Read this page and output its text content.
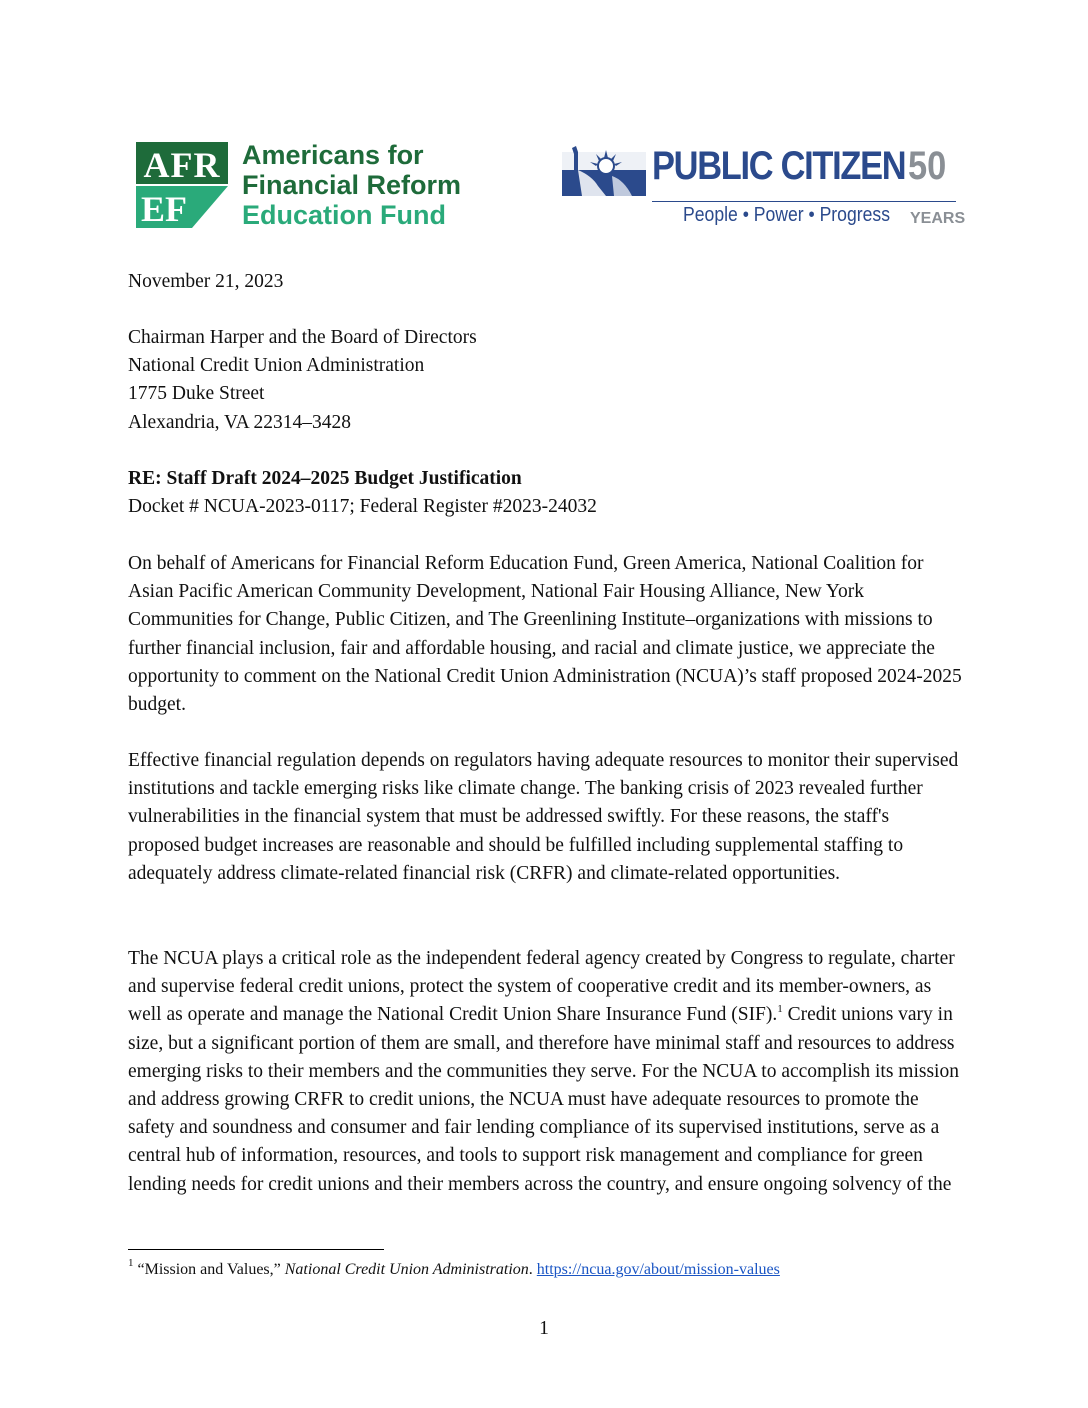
AFR
EF
Americans for
Financial Reform
Education Fund
PUBLIC CITIZEN 50
People • Power • Progress YEARS

November 21, 2023

Chairman Harper and the Board of Directors
National Credit Union Administration
1775 Duke Street
Alexandria, VA 22314–3428
RE: Staff Draft 2024–2025 Budget Justification
Docket # NCUA-2023-0117; Federal Register #2023-24032

On behalf of Americans for Financial Reform Education Fund, Green America, National Coalition for Asian Pacific American Community Development, National Fair Housing Alliance, New York Communities for Change, Public Citizen, and The Greenlining Institute–organizations with missions to further financial inclusion, fair and affordable housing, and racial and climate justice, we appreciate the opportunity to comment on the National Credit Union Administration (NCUA)’s staff proposed 2024-2025 budget.

Effective financial regulation depends on regulators having adequate resources to monitor their supervised institutions and tackle emerging risks like climate change. The banking crisis of 2023 revealed further vulnerabilities in the financial system that must be addressed swiftly. For these reasons, the staff's proposed budget increases are reasonable and should be fulfilled including supplemental staffing to adequately address climate-related financial risk (CRFR) and climate-related opportunities.

The NCUA plays a critical role as the independent federal agency created by Congress to regulate, charter and supervise federal credit unions, protect the system of cooperative credit and its member-owners, as well as operate and manage the National Credit Union Share Insurance Fund (SIF).$^1$ Credit unions vary in size, but a significant portion of them are small, and therefore have minimal staff and resources to address emerging risks to their members and the communities they serve. For the NCUA to accomplish its mission and address growing CRFR to credit unions, the NCUA must have adequate resources to promote the safety and soundness and consumer and fair lending compliance of its supervised institutions, serve as a central hub of information, resources, and tools to support risk management and compliance for green lending needs for credit unions and their members across the country, and ensure ongoing solvency of the

$^1$ “Mission and Values,” National Credit Union Administration. https://ncua.gov/about/mission-values
1
